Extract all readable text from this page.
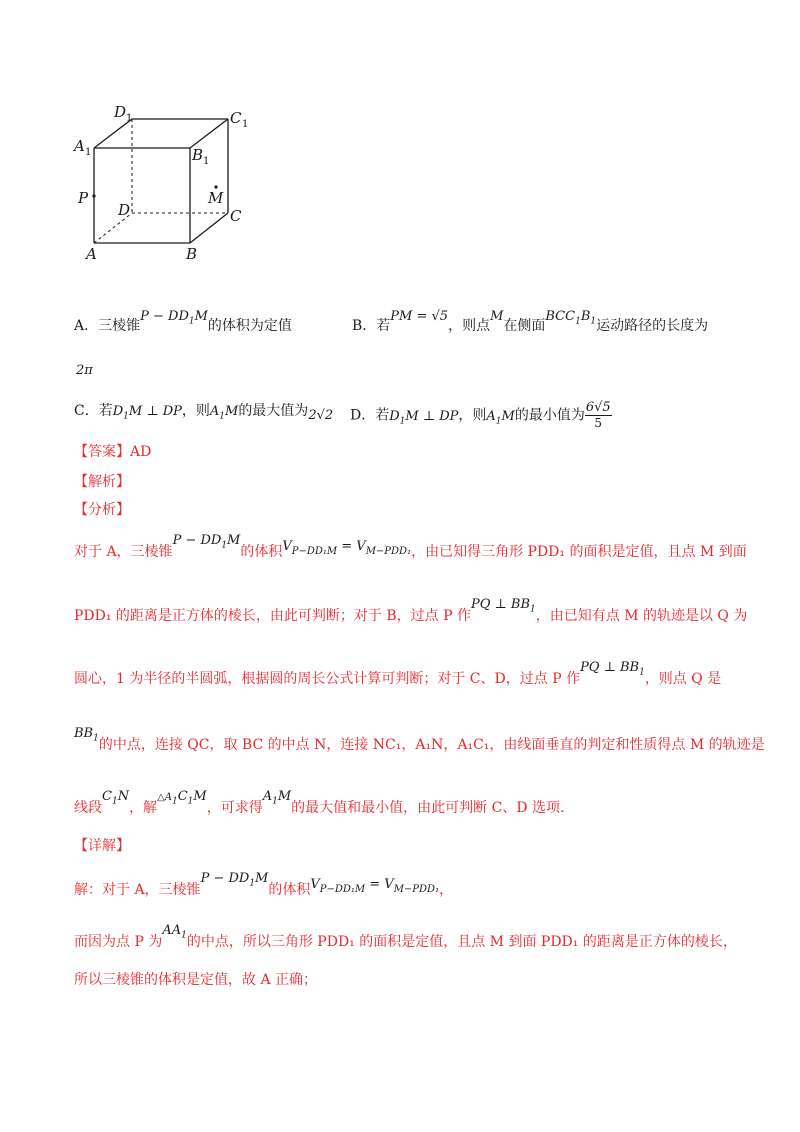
D 1	C 1
A 1	B 1
P	M
D	C
A	B
A．三棱锥$P - DD_1M$的体积为定值	B．若PM = √5，则点M在侧面$BCC_1B_1$运动路径的长度为
2π
C．若$D_1M$ ⊥ DP，则$A_1M$的最大值为2√2 D．若$D_1M$ ⊥ DP，则$A_1M$的最小值为 $\frac{6√5}{5}$
【答案】AD
【解析】
【分析】
对于 A，三棱锥$P - DD_1M$的体积$V_{P-DD_1M} = V_{M-PDD_1}$，由已知得三角形 PDD₁ 的面积是定值，且点 M 到面
PDD₁ 的距离是正方体的棱长，由此可判断；对于 B，过点 P 作PQ ⊥ $BB_1$，由已知有点 M 的轨迹是以 Q 为
圆心，1 为半径的半圆弧，根据圆的周长公式计算可判断；对于 C、D，过点 P 作PQ ⊥ $BB_1$，则点 Q 是
$BB_1$的中点，连接 QC，取 BC 的中点 N，连接 NC₁，A₁N，A₁C₁，由线面垂直的判定和性质得点 M 的轨迹是
线段$C_1N$，解$\triangle A_1C_1M$，可求得$A_1M$的最大值和最小值，由此可判断 C、D 选项.
【详解】
解：对于 A，三棱锥$P - DD_1M$的体积$V_{P-DD_1M} = V_{M-PDD_1}$，
而因为点 P 为$AA_1$的中点，所以三角形 PDD₁ 的面积是定值，且点 M 到面 PDD₁ 的距离是正方体的棱长，
所以三棱锥的体积是定值，故 A 正确；
